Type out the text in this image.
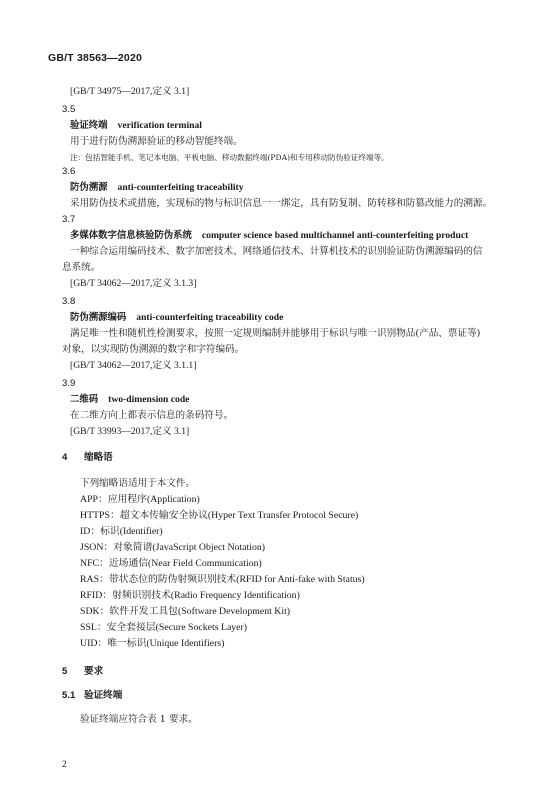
GB/T 38563—2020
[GB/T 34975—2017,定义 3.1]
3.5
验证终端 verification terminal
用于进行防伪溯源验证的移动智能终端。
注：包括智能手机、笔记本电脑、平板电脑、移动数据终端(PDA)和专用移动防伪验证终端等。
3.6
防伪溯源 anti-counterfeiting traceability
采用防伪技术或措施，实现标的物与标识信息一一绑定，具有防复制、防转移和防篡改能力的溯源。
3.7
多媒体数字信息核验防伪系统 computer science based multichannel anti-counterfeiting product
一种综合运用编码技术、数字加密技术、网络通信技术、计算机技术的识别验证防伪溯源编码的信
息系统。
[GB/T 34062—2017,定义 3.1.3]
3.8
防伪溯源编码 anti-counterfeiting traceability code
满足唯一性和随机性检测要求，按照一定规则编制并能够用于标识与唯一识别物品(产品、票证等)
对象，以实现防伪溯源的数字和字符编码。
[GB/T 34062—2017,定义 3.1.1]
3.9
二维码 two-dimension code
在二维方向上都表示信息的条码符号。
[GB/T 33993—2017,定义 3.1]
4 缩略语
下列缩略语适用于本文件。
APP：应用程序(Application)
HTTPS：超文本传输安全协议(Hyper Text Transfer Protocol Secure)
ID：标识(Identifier)
JSON：对象简谱(JavaScript Object Notation)
NFC：近场通信(Near Field Communication)
RAS：带状态位的防伪射频识别技术(RFID for Anti-fake with Status)
RFID：射频识别技术(Radio Frequency Identification)
SDK：软件开发工具包(Software Development Kit)
SSL：安全套接层(Secure Sockets Layer)
UID：唯一标识(Unique Identifiers)
5 要求
5.1 验证终端
验证终端应符合表 1 要求。
2
